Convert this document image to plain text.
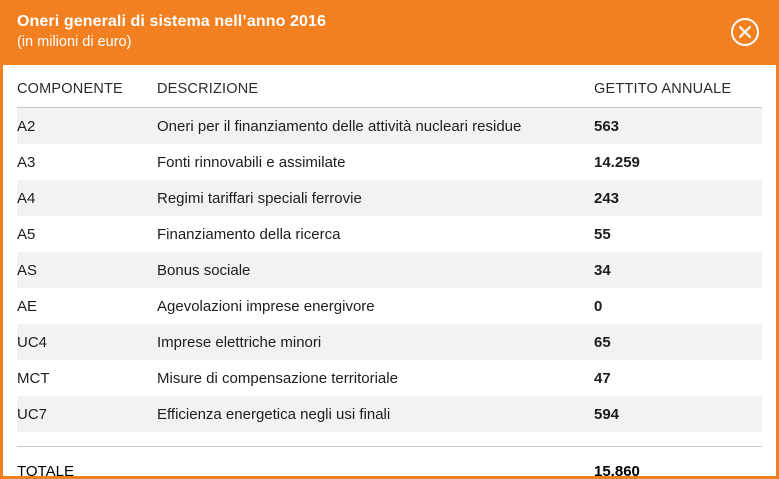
Oneri generali di sistema nell’anno 2016
(in milioni di euro)
COMPONENTE	DESCRIZIONE	GETTITO ANNUALE
A2	Oneri per il finanziamento delle attività nucleari residue	563
A3	Fonti rinnovabili e assimilate	14.259
A4	Regimi tariffari speciali ferrovie	243
A5	Finanziamento della ricerca	55
AS	Bonus sociale	34
AE	Agevolazioni imprese energivore	0
UC4	Imprese elettriche minori	65
MCT	Misure di compensazione territoriale	47
UC7	Efficienza energetica negli usi finali	594

TOTALE		15.860
